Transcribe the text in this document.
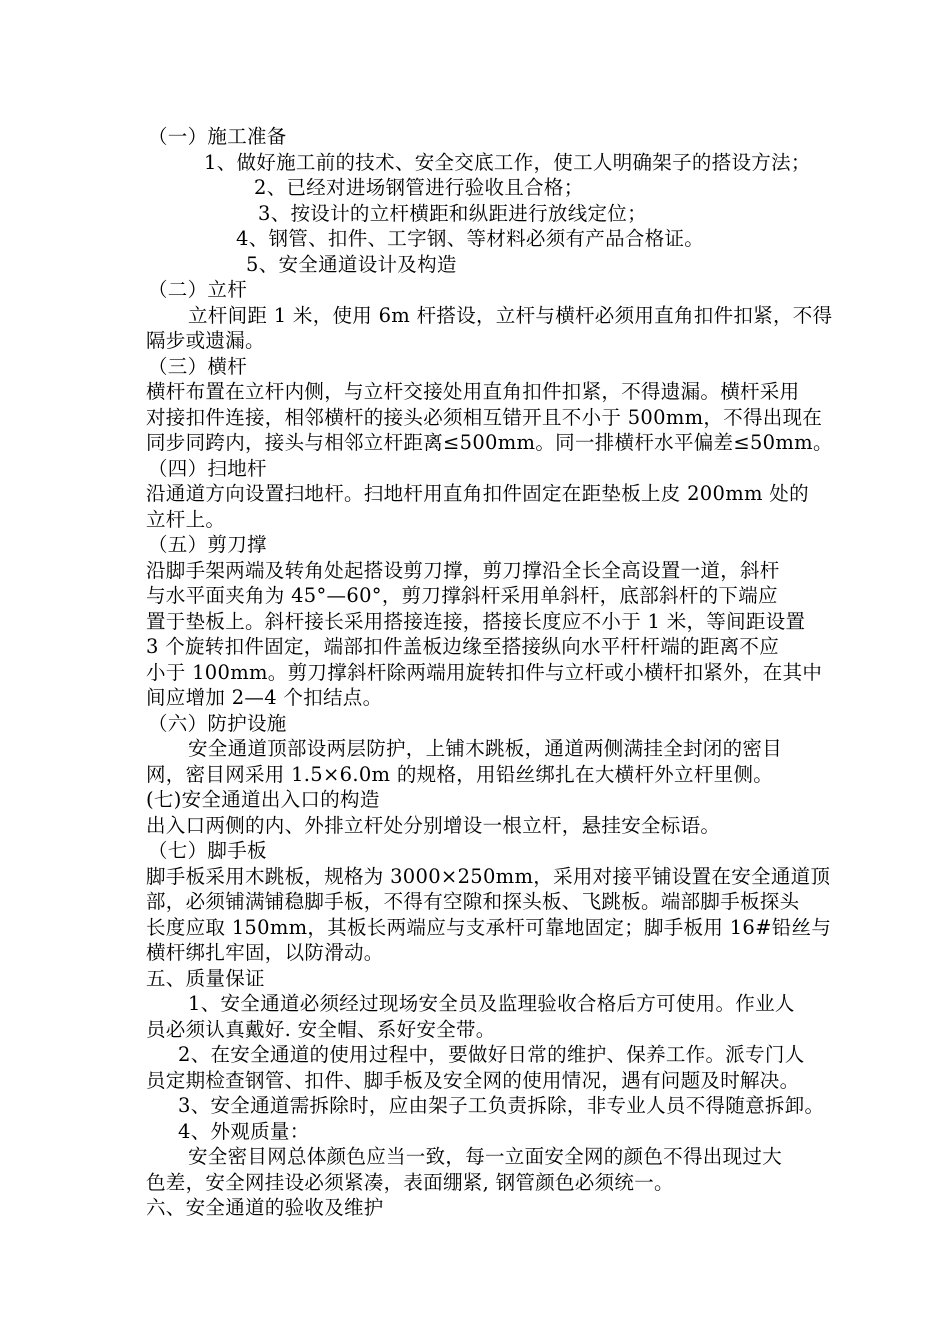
（一）施工准备
1、做好施工前的技术、安全交底工作，使工人明确架子的搭设方法；
2、已经对进场钢管进行验收且合格；
3、按设计的立杆横距和纵距进行放线定位；
4、钢管、扣件、工字钢、等材料必须有产品合格证。
5、安全通道设计及构造
（二）立杆
立杆间距 1 米，使用 6m 杆搭设，立杆与横杆必须用直角扣件扣紧，不得
隔步或遗漏。
（三）横杆
横杆布置在立杆内侧，与立杆交接处用直角扣件扣紧，不得遗漏。横杆采用
对接扣件连接，相邻横杆的接头必须相互错开且不小于 500mm，不得出现在
同步同跨内，接头与相邻立杆距离≤500mm。同一排横杆水平偏差≤50mm。
（四）扫地杆
沿通道方向设置扫地杆。扫地杆用直角扣件固定在距垫板上皮 200mm 处的
立杆上。
（五）剪刀撑
沿脚手架两端及转角处起搭设剪刀撑，剪刀撑沿全长全高设置一道，斜杆
与水平面夹角为 45°—60°，剪刀撑斜杆采用单斜杆，底部斜杆的下端应
置于垫板上。斜杆接长采用搭接连接，搭接长度应不小于 1 米，等间距设置
3 个旋转扣件固定，端部扣件盖板边缘至搭接纵向水平杆杆端的距离不应
小于 100mm。剪刀撑斜杆除两端用旋转扣件与立杆或小横杆扣紧外，在其中
间应增加 2—4 个扣结点。
（六）防护设施
安全通道顶部设两层防护，上铺木跳板，通道两侧满挂全封闭的密目
网，密目网采用 1.5×6.0m 的规格，用铅丝绑扎在大横杆外立杆里侧。
(七)安全通道出入口的构造
出入口两侧的内、外排立杆处分别增设一根立杆，悬挂安全标语。
（七）脚手板
脚手板采用木跳板，规格为 3000×250mm，采用对接平铺设置在安全通道顶
部，必须铺满铺稳脚手板，不得有空隙和探头板、飞跳板。端部脚手板探头
长度应取 150mm，其板长两端应与支承杆可靠地固定；脚手板用 16#铅丝与
横杆绑扎牢固，以防滑动。
五、质量保证
1、安全通道必须经过现场安全员及监理验收合格后方可使用。作业人
员必须认真戴好. 安全帽、系好安全带。
2、在安全通道的使用过程中，要做好日常的维护、保养工作。派专门人
员定期检查钢管、扣件、脚手板及安全网的使用情况，遇有问题及时解决。
3、安全通道需拆除时，应由架子工负责拆除，非专业人员不得随意拆卸。
4、外观质量：
安全密目网总体颜色应当一致，每一立面安全网的颜色不得出现过大
色差，安全网挂设必须紧凑，表面绷紧, 钢管颜色必须统一。
六、安全通道的验收及维护
